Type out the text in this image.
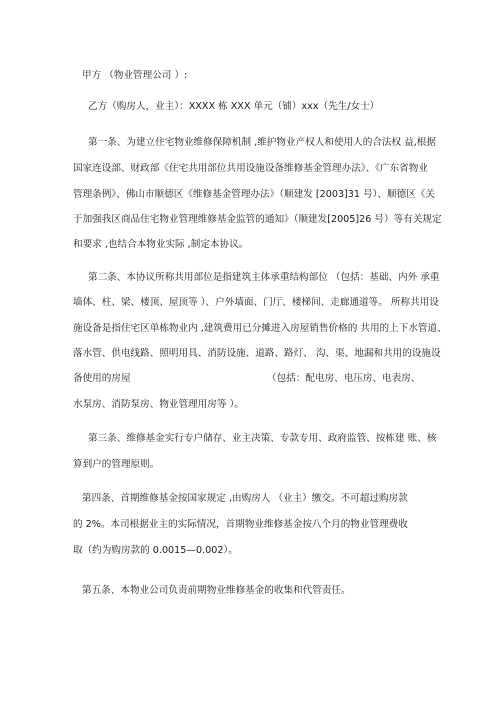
甲方 （物业管理公司 ）:
乙方（购房人，业主）：XXXX 栋 XXX 单元（铺）xxx（先生/女士）
第一条、为建立住宅物业维修保障机制 ,维护物业产权人和使用人的合法权 益,根据
国家连设部、财政部《住宅共用部位共用设施设备维修基金管理办法》、《广东省物业
管理条例》、佛山市顺德区《维修基金管理办法》（顺建发 [2003]31 号）、顺德区《关
于加强我区商品住宅物业管理维修基金监管的通知》（顺建发[2005]26 号）等有关规定
和要求 ,也结合本物业实际 ,制定本协议。
第二条、本协议所称共用部位是指建筑主体承重结构部位 （包括：基础、内外 承重
墙体、柱、梁、楼顶、屋顶等 ）、户外墙面、门厅、楼梯间、走廊通道等。 所称共用设
施设备是指住宅区单栋物业内 ,建筑费用已分摊进入房屋销售价格的 共用的上下水管道、
落水管、供电线路、照明用具、消防设施、道路、路灯、 沟、渠、地漏和共用的设施设
备使用的房屋	（包括：配电房、电压房、电表房、
水泵房、消防泵房、物业管理用房等 ）。
第三条、维修基金实行专户储存、业主决策、专款专用、政府监管、按栋建 账、核
算到户的管理原则。
第四条、首期维修基金按国家规定 ,由购房人 （业主）缴交。不可超过购房款
的 2%。本司根据业主的实际情况，首期物业维修基金按八个月的物业管理费收
取（约为购房款的 0.0015—0.002）。
第五条、本物业公司负责前期物业维修基金的收集和代管责任。
